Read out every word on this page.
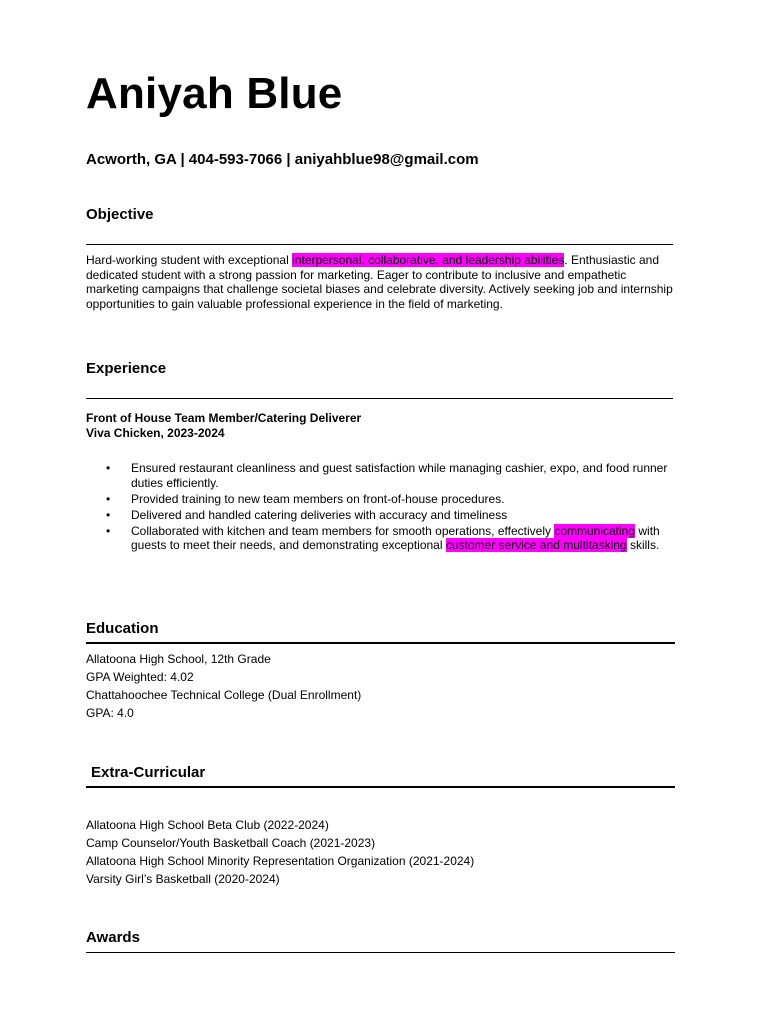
Aniyah Blue

Acworth, GA | 404-593-7066 | aniyahblue98@gmail.com

Objective

Hard-working student with exceptional interpersonal, collaborative, and leadership abilities. Enthusiastic and dedicated student with a strong passion for marketing. Eager to contribute to inclusive and empathetic marketing campaigns that challenge societal biases and celebrate diversity. Actively seeking job and internship opportunities to gain valuable professional experience in the field of marketing.

Experience

Front of House Team Member/Catering Deliverer

Viva Chicken, 2023-2024

• Ensured restaurant cleanliness and guest satisfaction while managing cashier, expo, and food runner duties efficiently.
• Provided training to new team members on front-of-house procedures.
• Delivered and handled catering deliveries with accuracy and timeliness
• Collaborated with kitchen and team members for smooth operations, effectively communicating with guests to meet their needs, and demonstrating exceptional customer service and multitasking skills.
Education
Allatoona High School, 12th Grade
GPA Weighted: 4.02
Chattahoochee Technical College (Dual Enrollment)
GPA: 4.0
Extra-Curricular
Allatoona High School Beta Club (2022-2024)
Camp Counselor/Youth Basketball Coach (2021-2023)
Allatoona High School Minority Representation Organization (2021-2024)
Varsity Girl’s Basketball (2020-2024)
Awards
